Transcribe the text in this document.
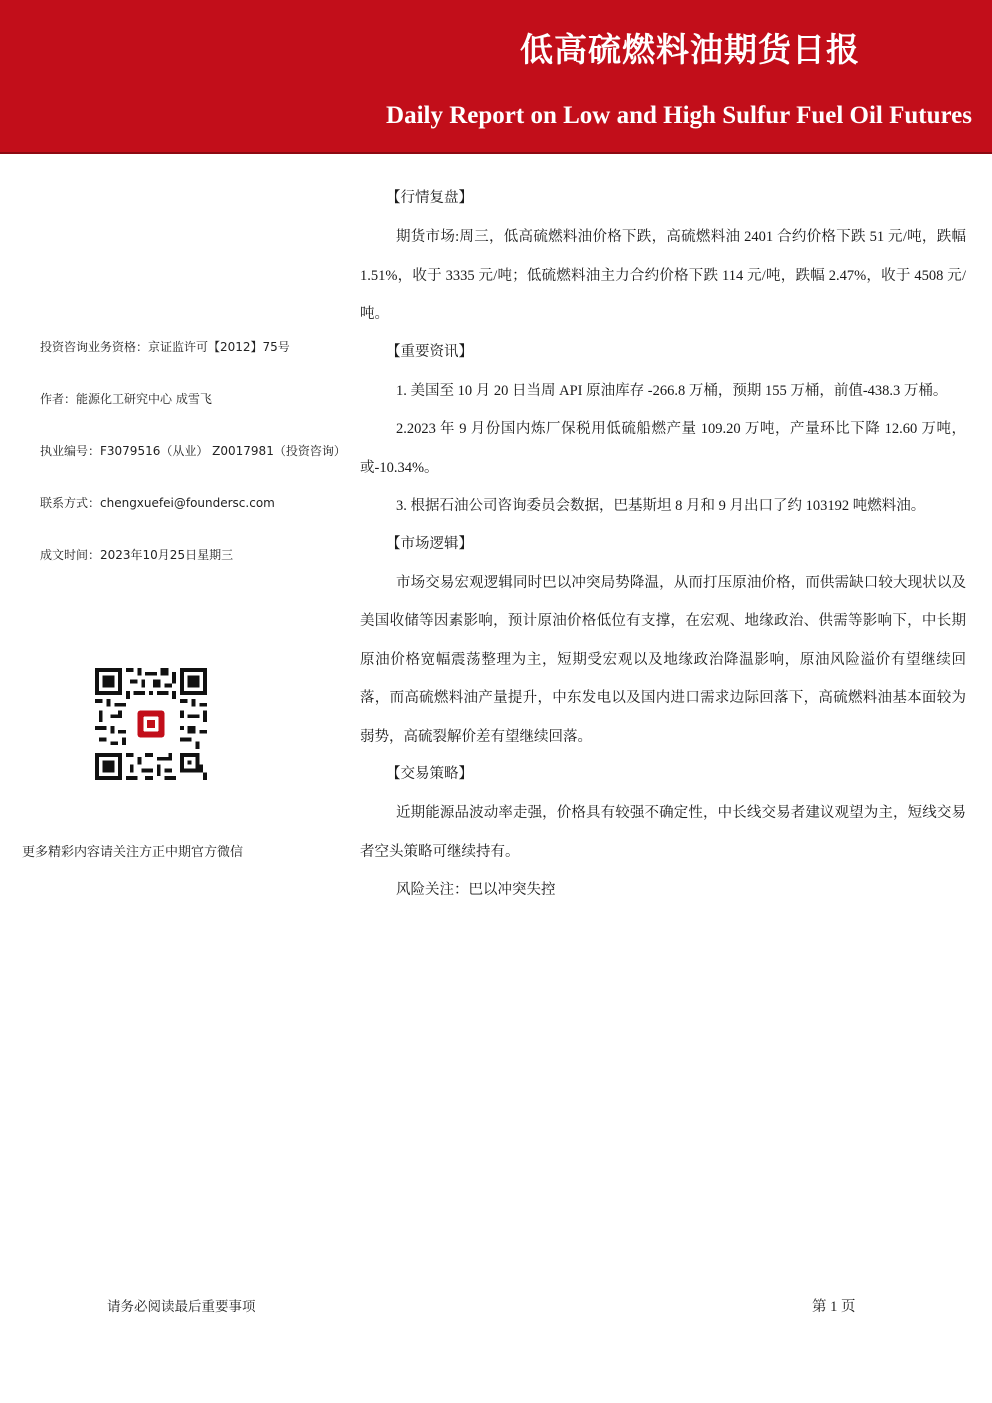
低高硫燃料油期货日报
Daily Report on Low and High Sulfur Fuel Oil Futures
投资咨询业务资格：京证监许可【2012】75号
作者：能源化工研究中心 成雪飞
执业编号：F3079516（从业） Z0017981（投资咨询）
联系方式：chengxuefei@foundersc.com
成文时间：2023年10月25日星期三
更多精彩内容请关注方正中期官方微信
【行情复盘】

期货市场:周三，低高硫燃料油价格下跌，高硫燃料油 2401 合约价格下跌 51 元/吨，跌幅 1.51%，收于 3335 元/吨；低硫燃料油主力合约价格下跌 114 元/吨，跌幅 2.47%，收于 4508 元/吨。

【重要资讯】

1. 美国至 10 月 20 日当周 API 原油库存 -266.8 万桶，预期 155 万桶，前值-438.3 万桶。

2.2023 年 9 月份国内炼厂保税用低硫船燃产量 109.20 万吨，产量环比下降 12.60 万吨，或-10.34%。

3. 根据石油公司咨询委员会数据，巴基斯坦 8 月和 9 月出口了约 103192 吨燃料油。

【市场逻辑】

市场交易宏观逻辑同时巴以冲突局势降温，从而打压原油价格，而供需缺口较大现状以及美国收储等因素影响，预计原油价格低位有支撑，在宏观、地缘政治、供需等影响下，中长期原油价格宽幅震荡整理为主，短期受宏观以及地缘政治降温影响，原油风险溢价有望继续回落，而高硫燃料油产量提升，中东发电以及国内进口需求边际回落下，高硫燃料油基本面较为弱势，高硫裂解价差有望继续回落。

【交易策略】

近期能源品波动率走强，价格具有较强不确定性，中长线交易者建议观望为主，短线交易者空头策略可继续持有。

风险关注：巴以冲突失控

请务必阅读最后重要事项	第 1 页
